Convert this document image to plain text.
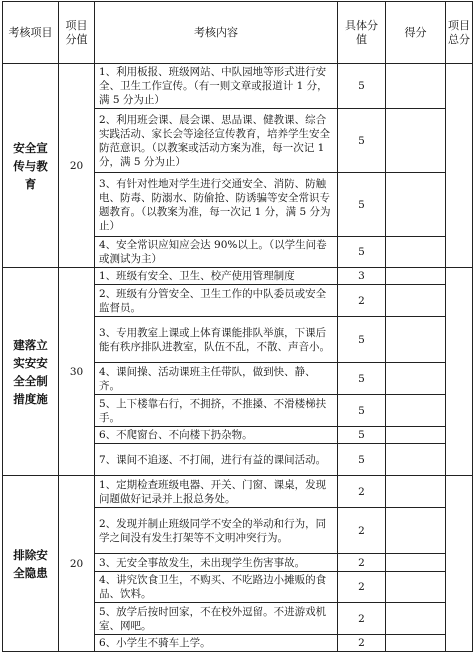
考核项目	项目分值	考核内容	具体分值	得分	项目总分

安全宣传与教育	20	1、利用板报、班级网站、中队园地等形式进行安全、卫生工作宣传。（有一则文章或报道计 1 分，满 5 分为止）	5		
		2、利用班会课、晨会课、思品课、健教课、综合实践活动、家长会等途径宣传教育，培养学生安全防范意识。（以教案或活动方案为准，每一次记 1 分，满 5 分为止）	5		
		3、有针对性地对学生进行交通安全、消防、防触电、防毒、防溺水、防偷抢、防诱骗等安全常识专题教育。（以教案为准，每一次记 1 分，满 5 分为止）	5		
		4、安全常识应知应会达 90%以上。（以学生问卷或测试为主）	5		

建落立实安安全全制措度施	30	1、班级有安全、卫生、校产使用管理制度	3		
		2、班级有分管安全、卫生工作的中队委员或安全监督员。	2		
		3、专用教室上课或上体育课能排队举旗，下课后能有秩序排队进教室，队伍不乱，不散、声音小。	5		
		4、课间操、活动课班主任带队，做到快、静、齐。	5		
		5、上下楼靠右行，不拥挤，不推搡、不滑楼梯扶手。	5		
		6、不爬窗台、不向楼下扔杂物。	5		
		7、课间不追逐、不打闹，进行有益的课间活动。	5		

排除安全隐患	20	1、定期检查班级电器、开关、门窗、课桌，发现问题做好记录并上报总务处。	2		
		2、发现并制止班级同学不安全的举动和行为，同学之间没有发生打架等不文明冲突行为。	2		
		3、无安全事故发生，未出现学生伤害事故。	2		
		4、讲究饮食卫生，不购买、不吃路边小摊贩的食品、饮料。	2		
		5、放学后按时回家，不在校外逗留。不进游戏机室、网吧。	2		
		6、小学生不骑车上学。	2		
